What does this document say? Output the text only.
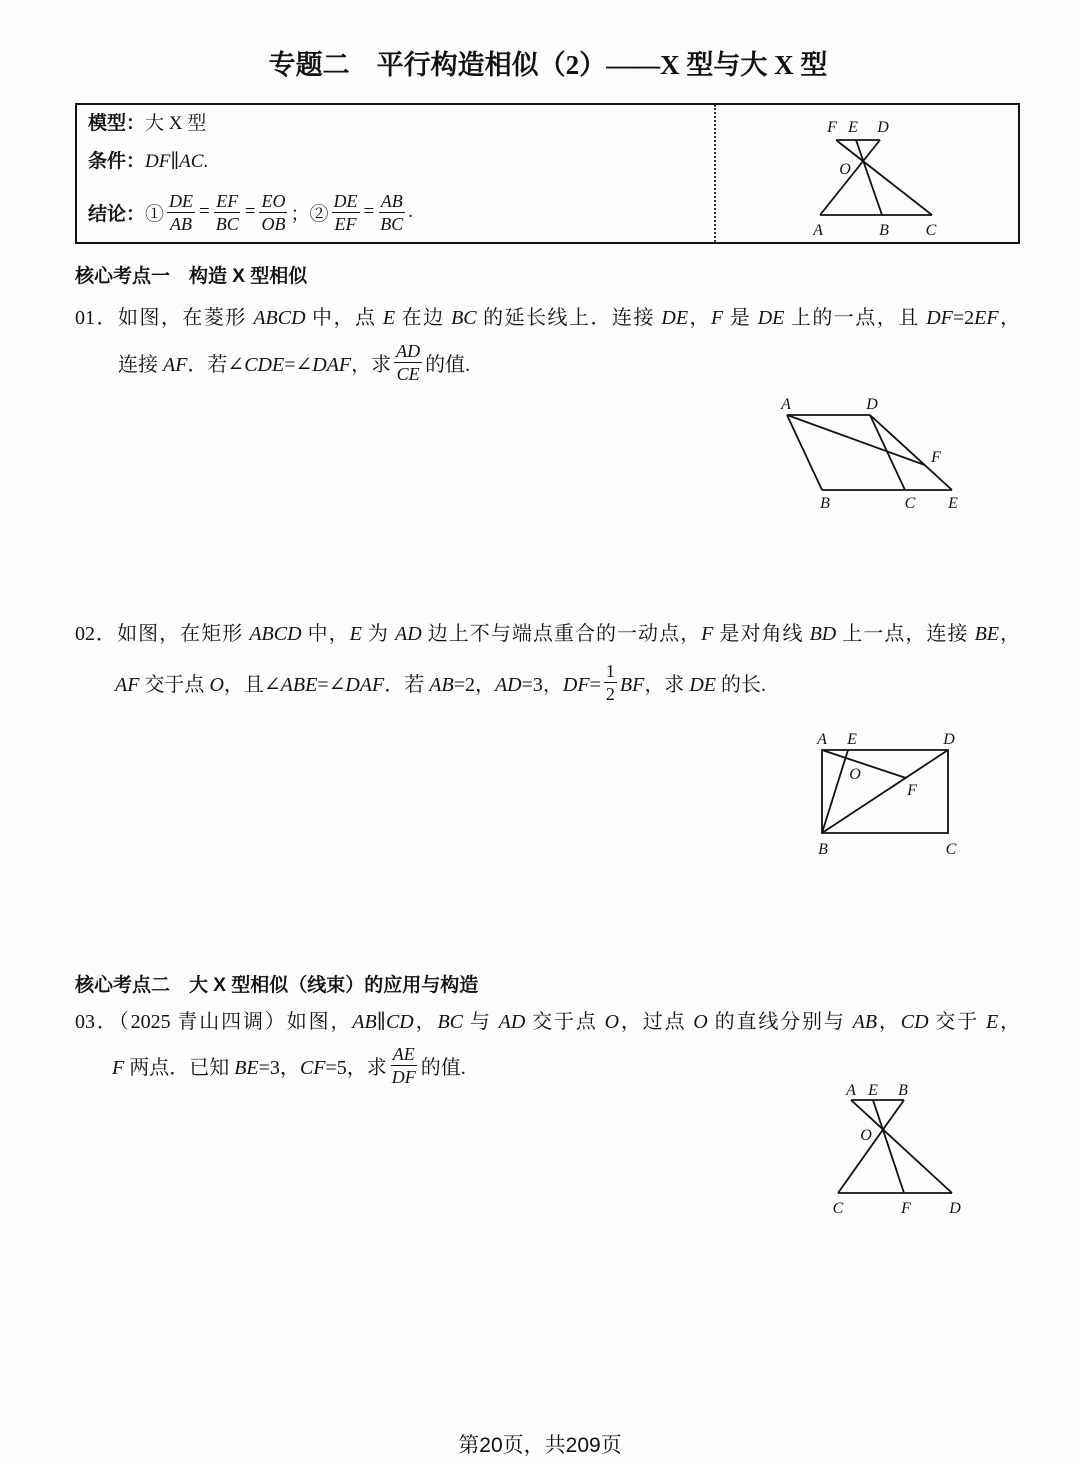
专题二　平行构造相似（2）——X 型与大 X 型
模型：大 X 型
条件：DF∥AC.
结论： ① $\frac{DE}{AB} = \frac{EF}{BC} = \frac{EO}{OB}$ ； ② $\frac{DE}{EF} = \frac{AB}{BC}$ .
F E D
O
A	B C
核心考点一　构造 X 型相似
01．如图，在菱形 ABCD 中，点 E 在边 BC 的延长线上．连接 DE，F 是 DE 上的一点，且 DF=2EF，
连接 AF．若∠CDE=∠DAF，求 $\frac{AD}{CE}$ 的值.
A	D
F
B	C E
02．如图，在矩形 ABCD 中，E 为 AD 边上不与端点重合的一动点，F 是对角线 BD 上一点，连接 BE，
AF 交于点 O，且∠ABE=∠DAF．若 AB=2，AD=3，$DF= \frac{1}{2}$ BF，求 DE 的长.
A E	D
O
F
B	C
核心考点二　大 X 型相似（线束）的应用与构造
03．（2025 青山四调）如图，AB∥CD，BC 与 AD 交于点 O，过点 O 的直线分别与 AB，CD 交于 E，
F 两点．已知 BE=3，CF=5，求 $\frac{AE}{DF}$ 的值.
A E B
O
C	F D
第20页，共209页
